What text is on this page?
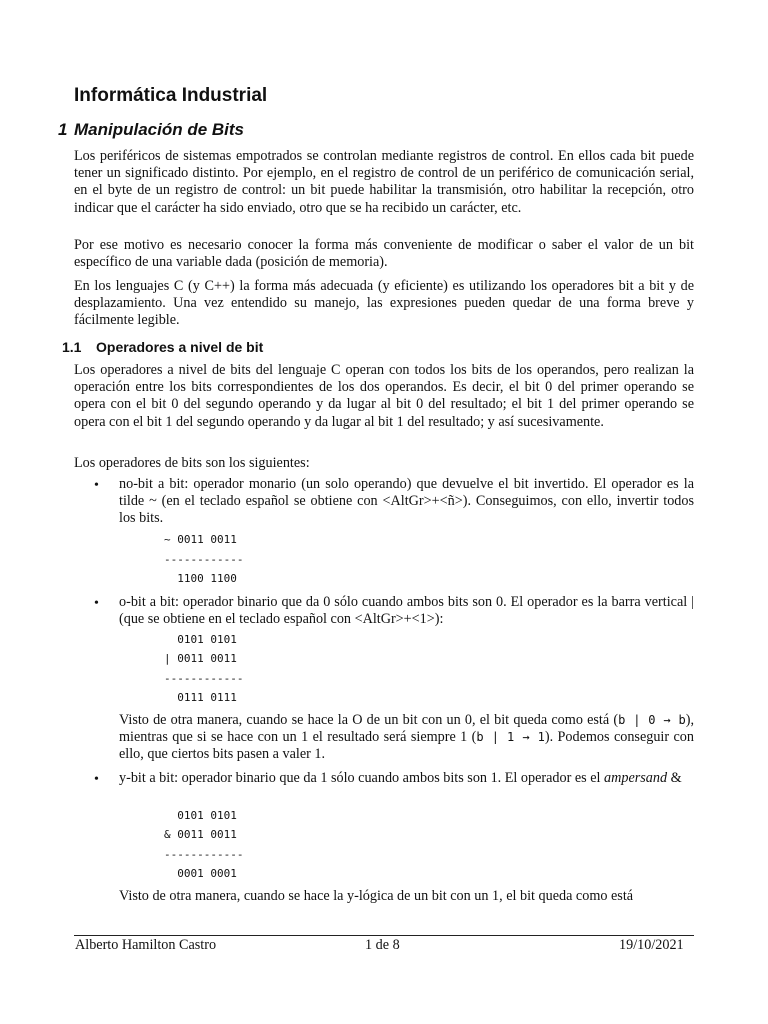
Informática Industrial
1 Manipulación de Bits

Los periféricos de sistemas empotrados se controlan mediante registros de control. En ellos cada bit puede tener un significado distinto. Por ejemplo, en el registro de control de un periférico de comunicación serial, en el byte de un registro de control: un bit puede habilitar la transmisión, otro habilitar la recepción, otro indicar que el carácter ha sido enviado, otro que se ha recibido un carácter, etc.

Por ese motivo es necesario conocer la forma más conveniente de modificar o saber el valor de un bit específico de una variable dada (posición de memoria).

En los lenguajes C (y C++) la forma más adecuada (y eficiente) es utilizando los operadores bit a bit y de desplazamiento. Una vez entendido su manejo, las expresiones pueden quedar de una forma breve y fácilmente legible.

1.1 Operadores a nivel de bit

Los operadores a nivel de bits del lenguaje C operan con todos los bits de los operandos, pero realizan la operación entre los bits correspondientes de los dos operandos. Es decir, el bit 0 del primer operando se opera con el bit 0 del segundo operando y da lugar al bit 0 del resultado; el bit 1 del primer operando se opera con el bit 1 del segundo operando y da lugar al bit 1 del resultado; y así sucesivamente.

Los operadores de bits son los siguientes:

• no-bit a bit: operador monario (un solo operando) que devuelve el bit invertido. El operador es la tilde ~ (en el teclado español se obtiene con <AltGr>+<ñ>). Conseguimos, con ello, invertir todos los bits.

~ 0011 0011
------------
1100 1100
• o-bit a bit: operador binario que da 0 sólo cuando ambos bits son 0. El operador es la barra vertical | (que se obtiene en el teclado español con <AltGr>+<1>):

0101 0101
| 0011 0011
------------
0111 0111

Visto de otra manera, cuando se hace la O de un bit con un 0, el bit queda como está (b | 0 → b), mientras que si se hace con un 1 el resultado será siempre 1 (b | 1 → 1). Podemos conseguir con ello, que ciertos bits pasen a valer 1.

• y-bit a bit: operador binario que da 1 sólo cuando ambos bits son 1. El operador es el ampersand &

0101 0101
& 0011 0011
------------
0001 0001

Visto de otra manera, cuando se hace la y-lógica de un bit con un 1, el bit queda como está

Alberto Hamilton Castro	1 de 8	19/10/2021
